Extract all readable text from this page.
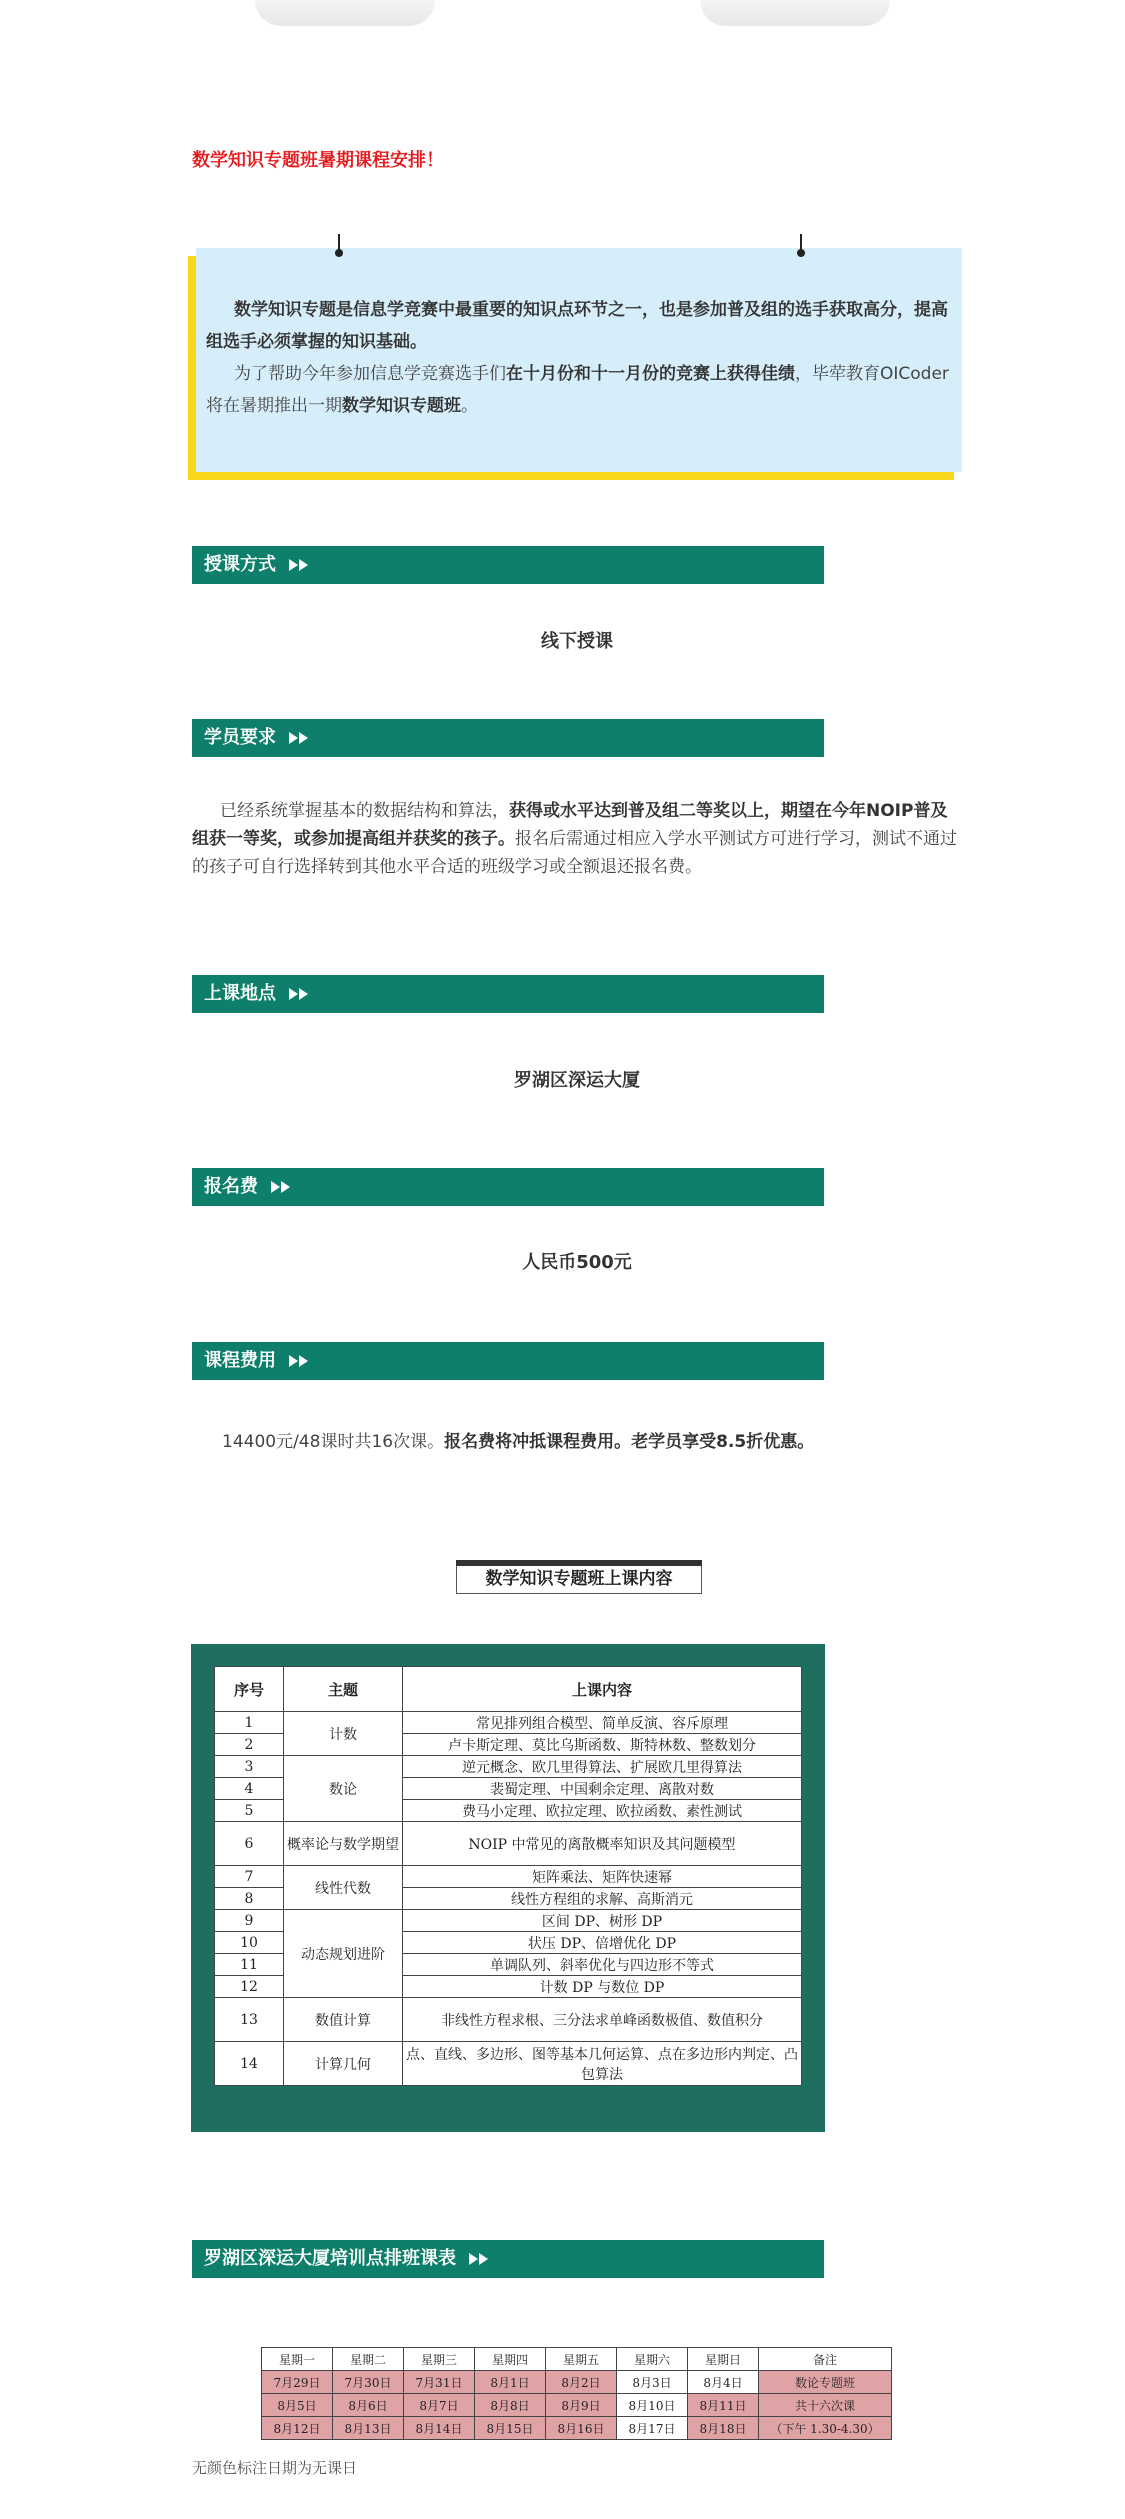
数学知识专题班暑期课程安排！
数学知识专题是信息学竞赛中最重要的知识点环节之一，也是参加普及组的选手获取高分，提高组选手必须掌握的知识基础。
为了帮助今年参加信息学竞赛选手们在十月份和十一月份的竞赛上获得佳绩，毕荦教育OICoder将在暑期推出一期数学知识专题班。
授课方式
线下授课
学员要求
已经系统掌握基本的数据结构和算法，获得或水平达到普及组二等奖以上，期望在今年NOIP普及组获一等奖，或参加提高组并获奖的孩子。报名后需通过相应入学水平测试方可进行学习，测试不通过的孩子可自行选择转到其他水平合适的班级学习或全额退还报名费。
上课地点
罗湖区深运大厦
报名费
人民币500元
课程费用
14400元/48课时共16次课。报名费将冲抵课程费用。老学员享受8.5折优惠。
数学知识专题班上课内容
序号	主题	上课内容
1	计数	常见排列组合模型、简单反演、容斥原理
2		卢卡斯定理、莫比乌斯函数、斯特林数、整数划分
3	数论	逆元概念、欧几里得算法、扩展欧几里得算法
4		裴蜀定理、中国剩余定理、离散对数
5		费马小定理、欧拉定理、欧拉函数、素性测试
6	概率论与数学期望	NOIP 中常见的离散概率知识及其问题模型
7	线性代数	矩阵乘法、矩阵快速幂
8		线性方程组的求解、高斯消元
9	动态规划进阶	区间 DP、树形 DP
10		状压 DP、倍增优化 DP
11		单调队列、斜率优化与四边形不等式
12		计数 DP 与数位 DP
13	数值计算	非线性方程求根、三分法求单峰函数极值、数值积分
14	计算几何	点、直线、多边形、图等基本几何运算、点在多边形内判定、凸包算法
罗湖区深运大厦培训点排班课表
星期一	星期二	星期三	星期四	星期五	星期六	星期日	备注
7月29日	7月30日	7月31日	8月1日	8月2日	8月3日	8月4日	数论专题班
8月5日	8月6日	8月7日	8月8日	8月9日	8月10日	8月11日	共十六次课
8月12日	8月13日	8月14日	8月15日	8月16日	8月17日	8月18日	（下午 1.30-4.30）
无颜色标注日期为无课日
